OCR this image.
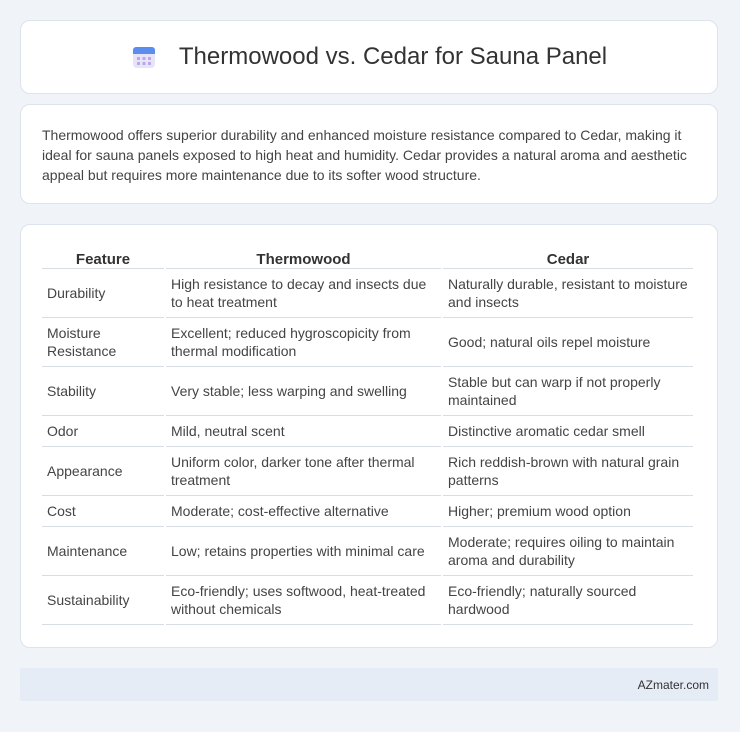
Thermowood vs. Cedar for Sauna Panel

Thermowood offers superior durability and enhanced moisture resistance compared to Cedar, making it ideal for sauna panels exposed to high heat and humidity. Cedar provides a natural aroma and aesthetic appeal but requires more maintenance due to its softer wood structure.

Feature	Thermowood	Cedar
Durability	High resistance to decay and insects due to heat treatment	Naturally durable, resistant to moisture and insects
Moisture Resistance	Excellent; reduced hygroscopicity from thermal modification	Good; natural oils repel moisture
Stability	Very stable; less warping and swelling	Stable but can warp if not properly maintained
Odor	Mild, neutral scent	Distinctive aromatic cedar smell
Appearance	Uniform color, darker tone after thermal treatment	Rich reddish-brown with natural grain patterns
Cost	Moderate; cost-effective alternative	Higher; premium wood option
Maintenance	Low; retains properties with minimal care	Moderate; requires oiling to maintain aroma and durability
Sustainability	Eco-friendly; uses softwood, heat-treated without chemicals	Eco-friendly; naturally sourced hardwood
AZmater.com
